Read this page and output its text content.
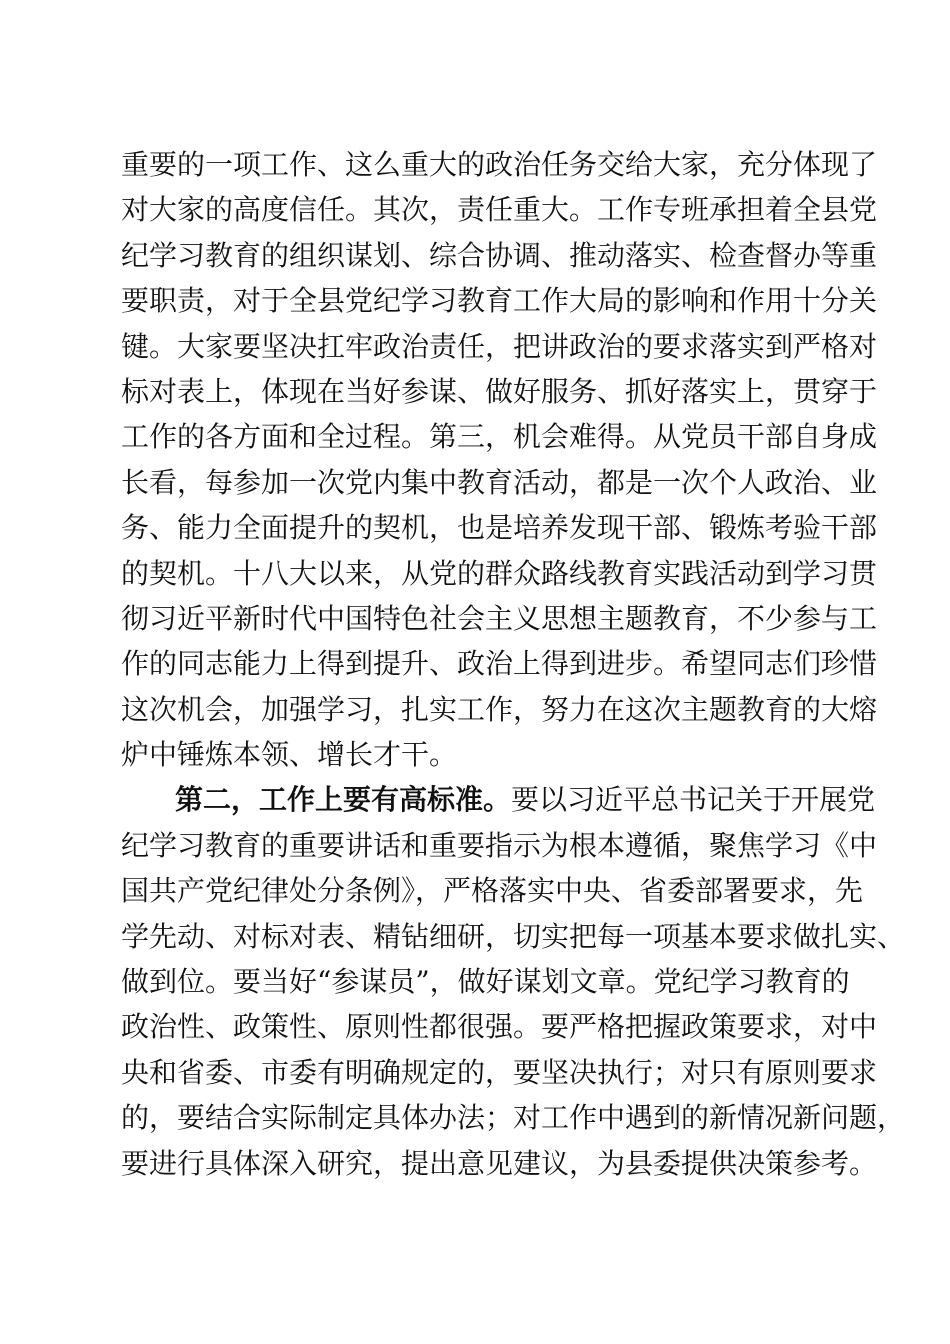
重要的一项工作、这么重大的政治任务交给大家，充分体现了
对大家的高度信任。其次，责任重大。工作专班承担着全县党
纪学习教育的组织谋划、综合协调、推动落实、检查督办等重
要职责，对于全县党纪学习教育工作大局的影响和作用十分关
键。大家要坚决扛牢政治责任，把讲政治的要求落实到严格对
标对表上，体现在当好参谋、做好服务、抓好落实上，贯穿于
工作的各方面和全过程。第三，机会难得。从党员干部自身成
长看，每参加一次党内集中教育活动，都是一次个人政治、业
务、能力全面提升的契机，也是培养发现干部、锻炼考验干部
的契机。十八大以来，从党的群众路线教育实践活动到学习贯
彻习近平新时代中国特色社会主义思想主题教育，不少参与工
作的同志能力上得到提升、政治上得到进步。希望同志们珍惜
这次机会，加强学习，扎实工作，努力在这次主题教育的大熔
炉中锤炼本领、增长才干。
第二，工作上要有高标准。要以习近平总书记关于开展党
纪学习教育的重要讲话和重要指示为根本遵循，聚焦学习《中
国共产党纪律处分条例》，严格落实中央、省委部署要求，先
学先动、对标对表、精钻细研，切实把每一项基本要求做扎实、
做到位。要当好“参谋员”，做好谋划文章。党纪学习教育的
政治性、政策性、原则性都很强。要严格把握政策要求，对中
央和省委、市委有明确规定的，要坚决执行；对只有原则要求
的，要结合实际制定具体办法；对工作中遇到的新情况新问题，
要进行具体深入研究，提出意见建议，为县委提供决策参考。
